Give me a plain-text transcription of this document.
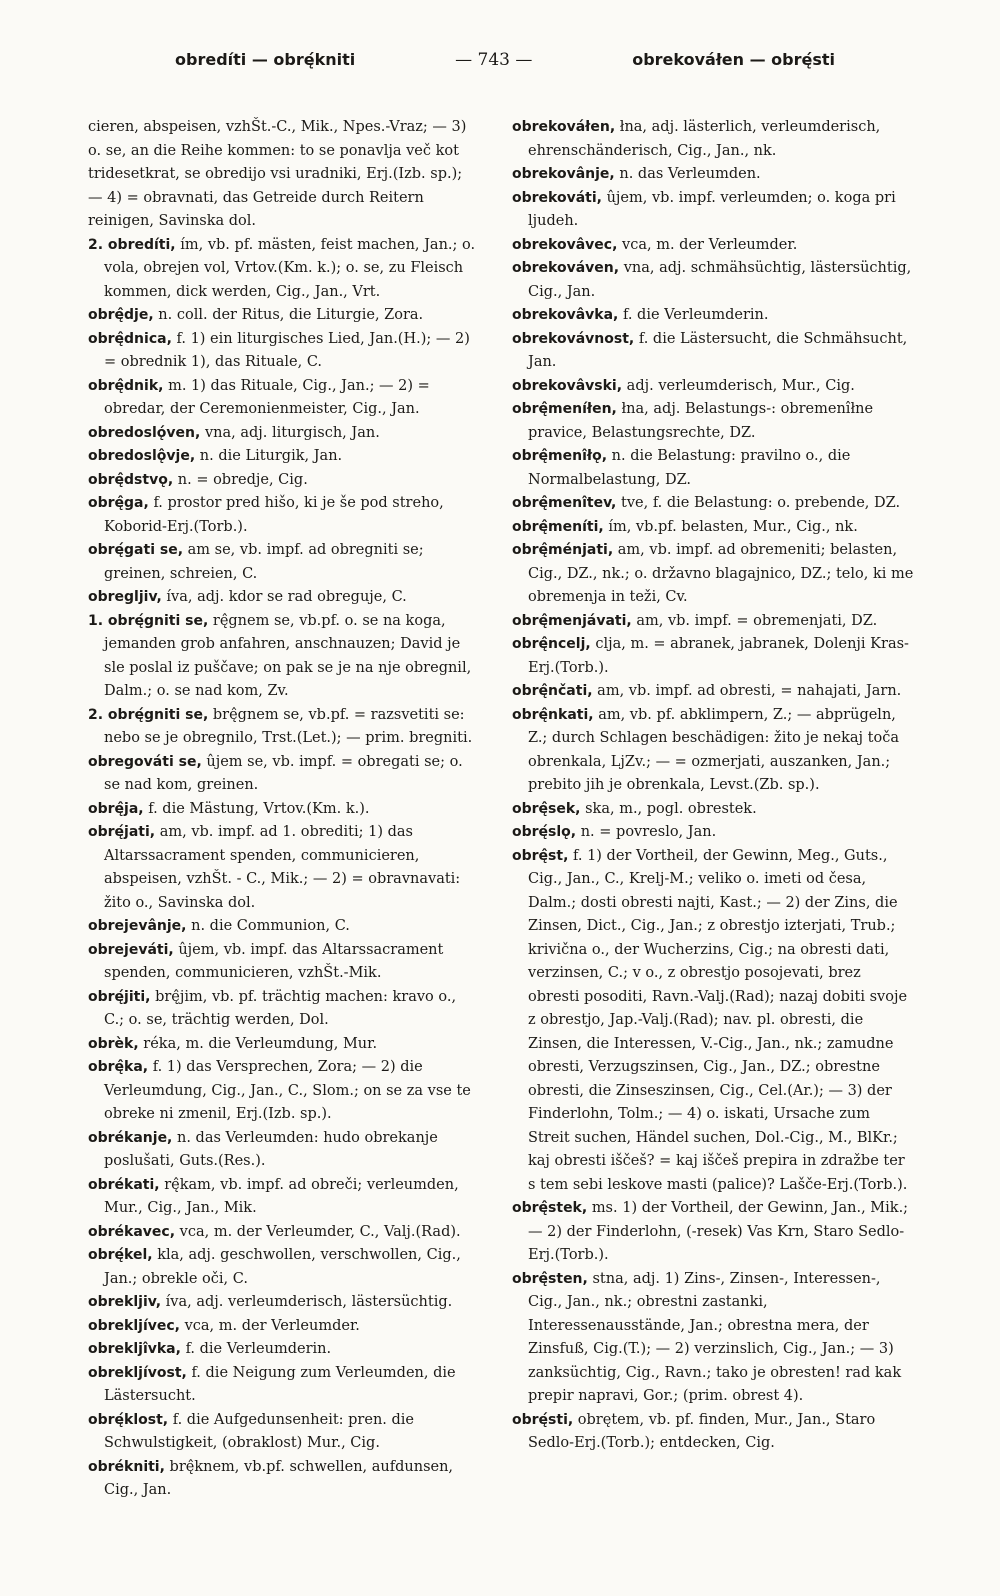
obredíti — obrę́kniti	— 743 —	obrekováłen — obrę́sti

cieren, abspeisen, vzhŠt.-C., Mik., Npes.-Vraz; — 3) o. se, an die Reihe kommen: to se ponavlja več kot tridesetkrat, se obredijo vsi uradniki, Erj.(Izb. sp.); — 4) = obravnati, das Getreide durch Reitern reinigen, Savinska dol.

2. obredíti, ím, vb. pf. mästen, feist machen, Jan.; o. vola, obrejen vol, Vrtov.(Km. k.); o. se, zu Fleisch kommen, dick werden, Cig., Jan., Vrt.

obrę̂dje, n. coll. der Ritus, die Liturgie, Zora.

obrę̂dnica, f. 1) ein liturgisches Lied, Jan.(H.); — 2) = obrednik 1), das Rituale, C.

obrę̂dnik, m. 1) das Rituale, Cig., Jan.; — 2) = obredar, der Ceremonienmeister, Cig., Jan.

obredoslǫ́ven, vna, adj. liturgisch, Jan.

obredoslǫ̂vje, n. die Liturgik, Jan.

obrę̂dstvǫ, n. = obredje, Cig.

obrę̂ga, f. prostor pred hišo, ki je še pod streho, Koborid-Erj.(Torb.).

obrę́gati se, am se, vb. impf. ad obregniti se; greinen, schreien, C.

obregljiv, íva, adj. kdor se rad obreguje, C.

1. obrę́gniti se, rę̂gnem se, vb.pf. o. se na koga, jemanden grob anfahren, anschnauzen; David je sle poslal iz puščave; on pak se je na nje obregnil, Dalm.; o. se nad kom, Zv.

2. obrę́gniti se, brę̂gnem se, vb.pf. = razsvetiti se: nebo se je obregnilo, Trst.(Let.); — prim. bregniti.

obregováti se, ûjem se, vb. impf. = obregati se; o. se nad kom, greinen.

obrę̂ja, f. die Mästung, Vrtov.(Km. k.).

obrę́jati, am, vb. impf. ad 1. obrediti; 1) das Altarssacrament spenden, communicieren, abspeisen, vzhŠt. - C., Mik.; — 2) = obravnavati: žito o., Savinska dol.

obrejevânje, n. die Communion, C.

obrejeváti, ûjem, vb. impf. das Altarssacrament spenden, communicieren, vzhŠt.-Mik.

obrę́jiti, brę̂jim, vb. pf. trächtig machen: kravo o., C.; o. se, trächtig werden, Dol.

obrèk, réka, m. die Verleumdung, Mur.

obrę̂ka, f. 1) das Versprechen, Zora; — 2) die Verleumdung, Cig., Jan., C., Slom.; on se za vse te obreke ni zmenil, Erj.(Izb. sp.).

obrékanje, n. das Verleumden: hudo obrekanje poslušati, Guts.(Res.).

obrékati, rę̂kam, vb. impf. ad obreči; verleumden, Mur., Cig., Jan., Mik.

obrékavec, vca, m. der Verleumder, C., Valj.(Rad).

obrę́kel, kla, adj. geschwollen, verschwollen, Cig., Jan.; obrekle oči, C.

obrekljiv, íva, adj. verleumderisch, lästersüchtig.

obrekljívec, vca, m. der Verleumder.

obrekljîvka, f. die Verleumderin.

obrekljívost, f. die Neigung zum Verleumden, die Lästersucht.

obrę́klost, f. die Aufgedunsenheit: pren. die Schwulstigkeit, (obraklost) Mur., Cig.

obrékniti, brę̂knem, vb.pf. schwellen, aufdunsen, Cig., Jan.

obrekováłen, łna, adj. lästerlich, verleumderisch, ehrenschänderisch, Cig., Jan., nk.

obrekovânje, n. das Verleumden.

obrekováti, ûjem, vb. impf. verleumden; o. koga pri ljudeh.

obrekovâvec, vca, m. der Verleumder.

obrekováven, vna, adj. schmähsüchtig, lästersüchtig, Cig., Jan.

obrekovâvka, f. die Verleumderin.

obrekovávnost, f. die Lästersucht, die Schmähsucht, Jan.

obrekovâvski, adj. verleumderisch, Mur., Cig.

obrę̂meníłen, łna, adj. Belastungs-: obremenîłne pravice, Belastungsrechte, DZ.

obrę̂menîłǫ, n. die Belastung: pravilno o., die Normalbelastung, DZ.

obrę̂menîtev, tve, f. die Belastung: o. prebende, DZ.

obrę̂meníti, ím, vb.pf. belasten, Mur., Cig., nk.

obrę̂ménjati, am, vb. impf. ad obremeniti; belasten, Cig., DZ., nk.; o. državno blagajnico, DZ.; telo, ki me obremenja in teži, Cv.

obrę̂menjávati, am, vb. impf. = obremenjati, DZ.

obrę̂ncelj, clja, m. = abranek, jabranek, Dolenji Kras-Erj.(Torb.).

obrę̂nčati, am, vb. impf. ad obresti, = nahajati, Jarn.

obrę̂nkati, am, vb. pf. abklimpern, Z.; — abprügeln, Z.; durch Schlagen beschädigen: žito je nekaj toča obrenkala, LjZv.; — = ozmerjati, auszanken, Jan.; prebito jih je obrenkala, Levst.(Zb. sp.).

obrę̂sek, ska, m., pogl. obrestek.

obrę́slǫ, n. = povreslo, Jan.

obrę̂st, f. 1) der Vortheil, der Gewinn, Meg., Guts., Cig., Jan., C., Krelj-M.; veliko o. imeti od česa, Dalm.; dosti obresti najti, Kast.; — 2) der Zins, die Zinsen, Dict., Cig., Jan.; z obrestjo izterjati, Trub.; krivična o., der Wucherzins, Cig.; na obresti dati, verzinsen, C.; v o., z obrestjo posojevati, brez obresti posoditi, Ravn.-Valj.(Rad); nazaj dobiti svoje z obrestjo, Jap.-Valj.(Rad); nav. pl. obresti, die Zinsen, die Interessen, V.-Cig., Jan., nk.; zamudne obresti, Verzugszinsen, Cig., Jan., DZ.; obrestne obresti, die Zinseszinsen, Cig., Cel.(Ar.); — 3) der Finderlohn, Tolm.; — 4) o. iskati, Ursache zum Streit suchen, Händel suchen, Dol.-Cig., M., BlKr.; kaj obresti iščeš? = kaj iščeš prepira in zdražbe ter s tem sebi leskove masti (palice)? Lašče-Erj.(Torb.).

obrę̂stek, ms. 1) der Vortheil, der Gewinn, Jan., Mik.; — 2) der Finderlohn, (-resek) Vas Krn, Staro Sedlo-Erj.(Torb.).

obrę̂sten, stna, adj. 1) Zins-, Zinsen-, Interessen-, Cig., Jan., nk.; obrestni zastanki, Interessenausstände, Jan.; obrestna mera, der Zinsfuß, Cig.(T.); — 2) verzinslich, Cig., Jan.; — 3) zanksüchtig, Cig., Ravn.; tako je obresten! rad kak prepir napravi, Gor.; (prim. obrest 4).

obrę́sti, obrętem, vb. pf. finden, Mur., Jan., Staro Sedlo-Erj.(Torb.); entdecken, Cig.
